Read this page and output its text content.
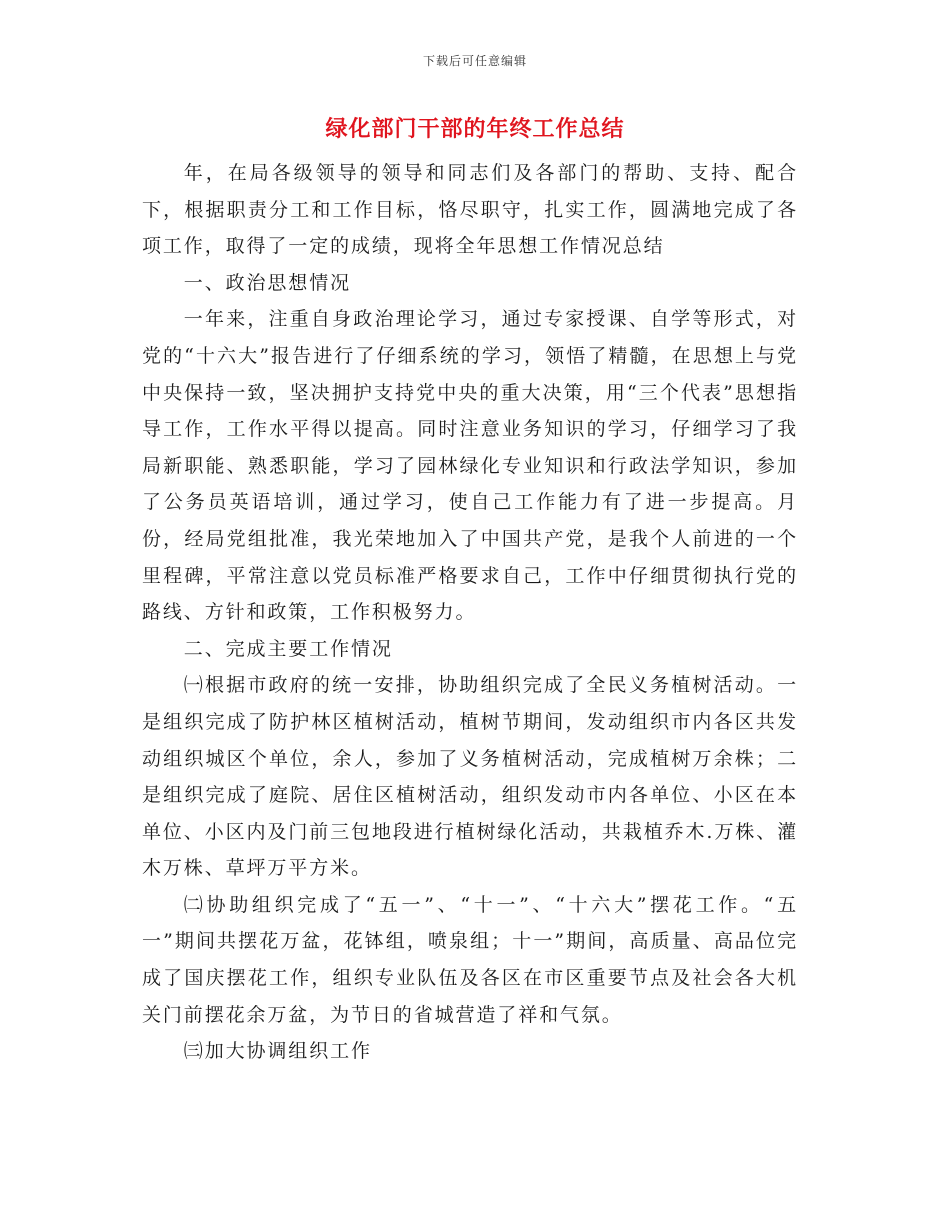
下载后可任意编辑
绿化部门干部的年终工作总结

年，在局各级领导的领导和同志们及各部门的帮助、支持、配合下，根据职责分工和工作目标，恪尽职守，扎实工作，圆满地完成了各项工作，取得了一定的成绩，现将全年思想工作情况总结

一、政治思想情况

一年来，注重自身政治理论学习，通过专家授课、自学等形式，对党的“十六大”报告进行了仔细系统的学习，领悟了精髓，在思想上与党中央保持一致，坚决拥护支持党中央的重大决策，用“三个代表”思想指导工作，工作水平得以提高。同时注意业务知识的学习，仔细学习了我局新职能、熟悉职能，学习了园林绿化专业知识和行政法学知识，参加了公务员英语培训，通过学习，使自己工作能力有了进一步提高。月份，经局党组批准，我光荣地加入了中国共产党，是我个人前进的一个里程碑，平常注意以党员标准严格要求自己，工作中仔细贯彻执行党的路线、方针和政策，工作积极努力。

二、完成主要工作情况

㈠根据市政府的统一安排，协助组织完成了全民义务植树活动。一是组织完成了防护林区植树活动，植树节期间，发动组织市内各区共发动组织城区个单位，余人，参加了义务植树活动，完成植树万余株；二是组织完成了庭院、居住区植树活动，组织发动市内各单位、小区在本单位、小区内及门前三包地段进行植树绿化活动，共栽植乔木.万株、灌木万株、草坪万平方米。

㈡协助组织完成了“五一”、“十一”、“十六大”摆花工作。“五一”期间共摆花万盆，花钵组，喷泉组；十一”期间，高质量、高品位完成了国庆摆花工作，组织专业队伍及各区在市区重要节点及社会各大机关门前摆花余万盆，为节日的省城营造了祥和气氛。

㈢加大协调组织工作
